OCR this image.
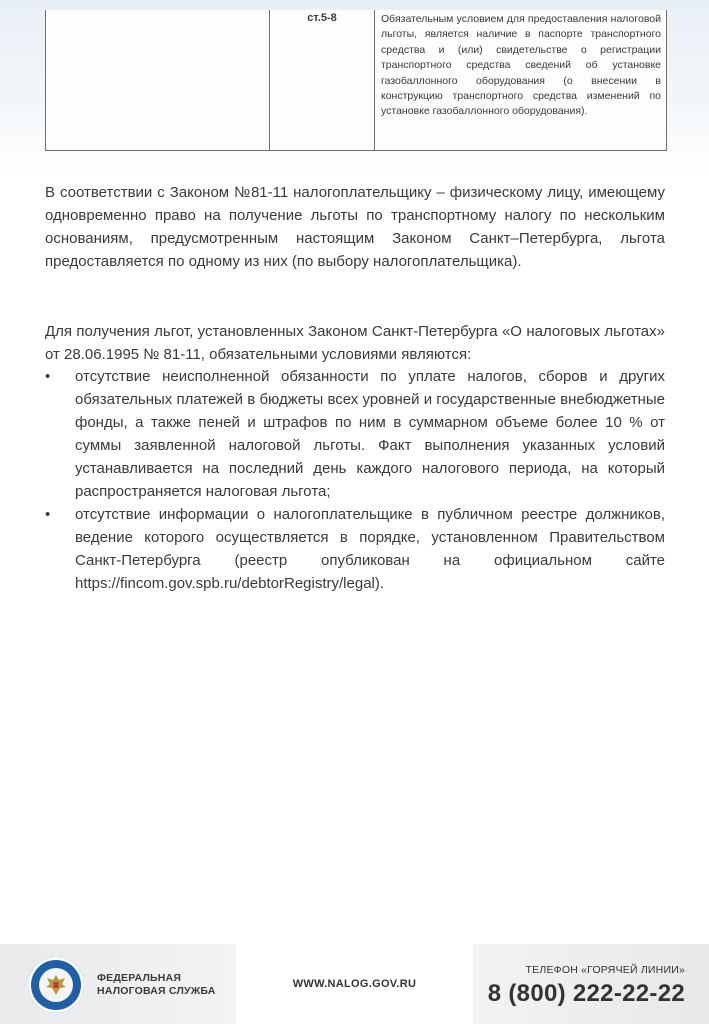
ст.5-8	Обязательным условием для предоставления налоговой льготы, является наличие в паспорте транспортного средства и (или) свидетельстве о регистрации транспортного средства сведений об установке газобаллонного оборудования (о внесении в конструкцию транспортного средства изменений по установке газобаллонного оборудования).

В соответствии с Законом №81-11 налогоплательщику – физическому лицу, имеющему одновременно право на получение льготы по транспортному налогу по нескольким основаниям, предусмотренным настоящим Законом Санкт–Петербурга, льгота предоставляется по одному из них (по выбору налогоплательщика).

Для получения льгот, установленных Законом Санкт-Петербурга «О налоговых льготах» от 28.06.1995 № 81-11, обязательными условиями являются:

• отсутствие неисполненной обязанности по уплате налогов, сборов и других обязательных платежей в бюджеты всех уровней и государственные внебюджетные фонды, а также пеней и штрафов по ним в суммарном объеме более 10 % от суммы заявленной налоговой льготы. Факт выполнения указанных условий устанавливается на последний день каждого налогового периода, на который распространяется налоговая льгота;
• отсутствие информации о налогоплательщике в публичном реестре должников, ведение которого осуществляется в порядке, установленном Правительством Санкт-Петербурга (реестр опубликован на официальном сайте https://fincom.gov.spb.ru/debtorRegistry/legal).
ФЕДЕРАЛЬНАЯ
НАЛОГОВАЯ СЛУЖБА
WWW.NALOG.GOV.RU
ТЕЛЕФОН «ГОРЯЧЕЙ ЛИНИИ»
8 (800) 222-22-22
